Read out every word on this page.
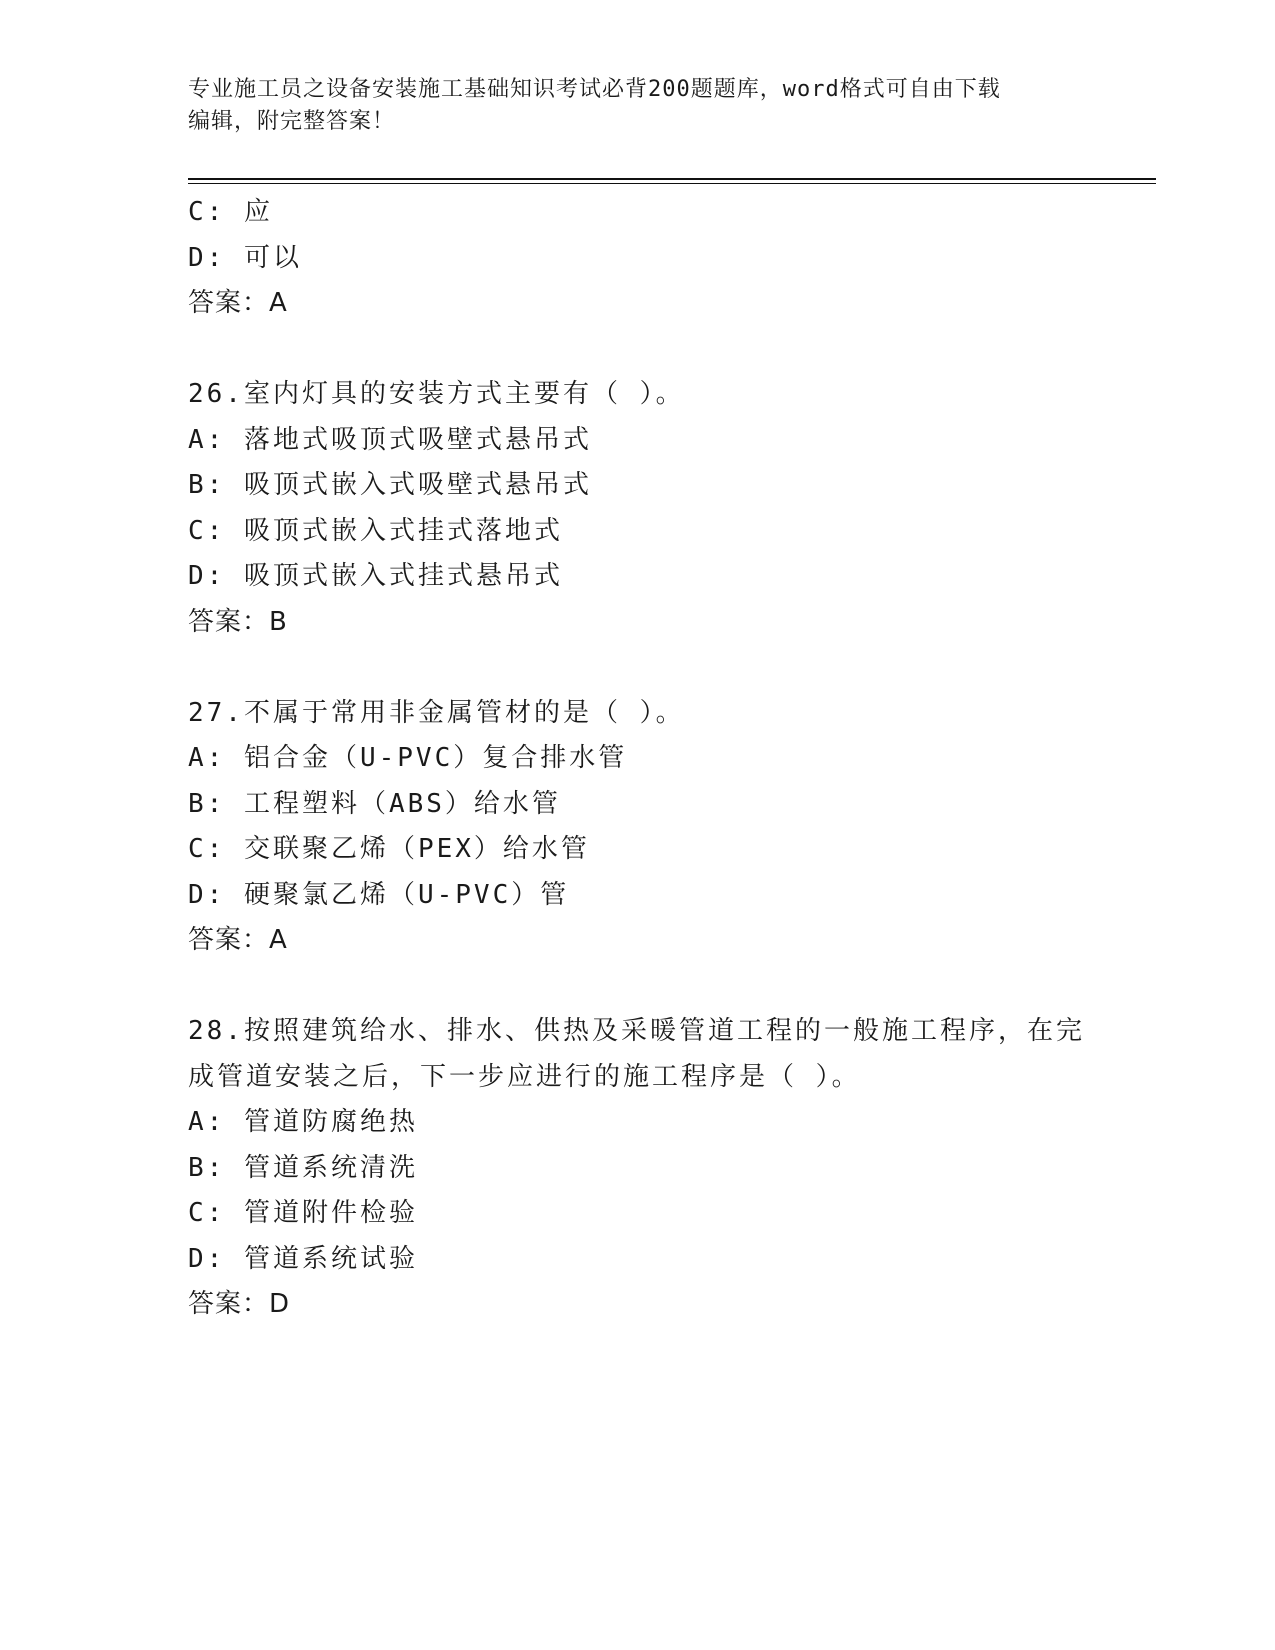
专业施工员之设备安装施工基础知识考试必背200题题库，word格式可自由下载
编辑，附完整答案！
C: 应
D: 可以
答案：A
26.室内灯具的安装方式主要有（ ）。
A: 落地式吸顶式吸壁式悬吊式
B: 吸顶式嵌入式吸壁式悬吊式
C: 吸顶式嵌入式挂式落地式
D: 吸顶式嵌入式挂式悬吊式
答案：B
27.不属于常用非金属管材的是（ ）。
A: 铝合金（U-PVC）复合排水管
B: 工程塑料（ABS）给水管
C: 交联聚乙烯（PEX）给水管
D: 硬聚氯乙烯（U-PVC）管
答案：A
28.按照建筑给水、排水、供热及采暖管道工程的一般施工程序，在完
成管道安装之后，下一步应进行的施工程序是（ ）。
A: 管道防腐绝热
B: 管道系统清洗
C: 管道附件检验
D: 管道系统试验
答案：D
